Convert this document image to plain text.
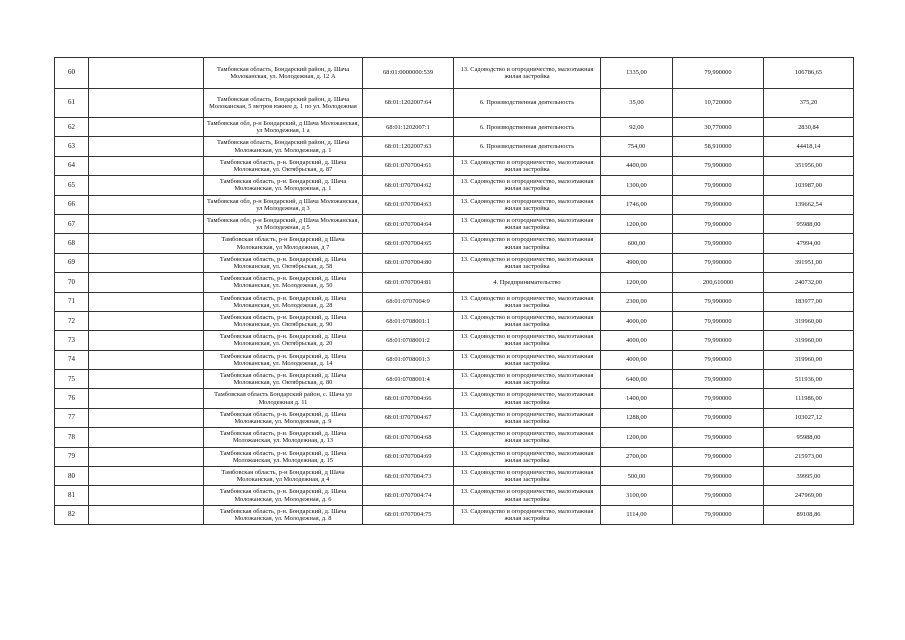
60		Тамбовская область, Бондарский район, д. Шача Молоканская, ул. Молодежная, д. 12 А	68:01:0000000:539	13. Садоводство и огородничество, малоэтажная жилая застройка	1335,00	79,990000	106786,65
61		Тамбовская область, Бондарский район, д. Шача Молоканская, 5 метров южнее д. 1 по ул. Молодежная	68:01:1202007:64	6. Производственная деятельность	35,00	10,720000	375,20
62		Тамбовская обл, р-н Бондарский, д Шача Моложанская, ул Молодежная, 1 а	68:01:1202007:1	6. Производственная деятельность	92,00	30,770000	2830,84
63		Тамбовская область, Бондарский район, д. Шача Моложанская, ул. Молодежная, д. 1	68:01:1202007:63	6. Производственная деятельность	754,00	58,910000	44418,14
64		Тамбовская область, р-н. Бондарский, д. Шача Молоканская, ул. Октябрьская, д. 87	68:01:0707004:61	13. Садоводство и огородничество, малоэтажная жилая застройка	4400,00	79,990000	351956,00
65		Тамбовская область, р-н. Бондарский, д. Шача Моложанская, ул. Молодежная, д. 1	68:01:0707004:62	13. Садоводство и огородничество, малоэтажная жилая застройка	1300,00	79,990000	103987,00
66		Тамбовская обл, р-н Бондарский, д Шача Моложанская, ул Молодежная, д 3	68:01:0707004:63	13. Садоводство и огородничество, малоэтажная жилая застройка	1746,00	79,990000	139662,54
67		Тамбовская обл, р-н Бондарский, д Шача Моложанская, ул Молодежная, д 5	68:01:0707004:64	13. Садоводство и огородничество, малоэтажная жилая застройка	1200,00	79,990000	95988,00
68		Тамбовская область, р-н Бондарский, д Шача Молоканская, ул Молодежная, д 7	68:01:0707004:65	13. Садоводство и огородничество, малоэтажная жилая застройка	600,00	79,990000	47994,00
69		Тамбовская область, р-н. Бондарский, д. Шача Молоканская, ул. Октябрьская, д. 58	68:01:0707004:80	13. Садоводство и огородничество, малоэтажная жилая застройка	4900,00	79,990000	391951,00
70		Тамбовская область, р-н. Бондарский, д. Шача Молоканская, ул. Молодежная, д. 50	68:01:0707004:81	4. Предпринимательство	1200,00	200,610000	240732,00
71		Тамбовская область, р-н. Бондарский, д. Шача Молоканская, ул. Молодежная, д. 28	68:01:0707004:9	13. Садоводство и огородничество, малоэтажная жилая застройка	2300,00	79,990000	183977,00
72		Тамбовская область, р-н. Бондарский, д. Шача Молоканская, ул. Октябрьская, д. 90	68:01:0708001:1	13. Садоводство и огородничество, малоэтажная жилая застройка	4000,00	79,990000	319960,00
73		Тамбовская область, р-н. Бондарский, д. Шача Молоканская, ул. Октябрьская, д. 20	68:01:0708001:2	13. Садоводство и огородничество, малоэтажная жилая застройка	4000,00	79,990000	319960,00
74		Тамбовская область, р-н. Бондарский, д. Шача Молоканская, ул. Молодежная, д. 14	68:01:0708001:3	13. Садоводство и огородничество, малоэтажная жилая застройка	4000,00	79,990000	319960,00
75		Тамбовская область, р-н. Бондарский, д. Шача Молоканская, ул. Октябрьская, д. 80	68:01:0708001:4	13. Садоводство и огородничество, малоэтажная жилая застройка	6400,00	79,990000	511936,00
76		Тамбовская область Бондарский район, с. Шача ул Молодежная д. 11	68:01:0707004:66	13. Садоводство и огородничество, малоэтажная жилая застройка	1400,00	79,990000	111986,00
77		Тамбовская область, р-н. Бондарский, д. Шача Моложанская, ул. Молодежная, д. 9	68:01:0707004:67	13. Садоводство и огородничество, малоэтажная жилая застройка	1288,00	79,990000	103027,12
78		Тамбовская область, р-н. Бондарский, д. Шача Моложанская, ул. Молодежная, д. 13	68:01:0707004:68	13. Садоводство и огородничество, малоэтажная жилая застройка	1200,00	79,990000	95988,00
79		Тамбовская область, р-н. Бондарский, д. Шача Моложанская, ул. Молодежная, д. 15	68:01:0707004:69	13. Садоводство и огородничество, малоэтажная жилая застройка	2700,00	79,990000	215973,00
80		Тамбовская область, р-н Бондарский, д Шача Молоканская, ул Молодежная, д 4	68:01:0707004:73	13. Садоводство и огородничество, малоэтажная жилая застройка	500,00	79,990000	39995,00
81		Тамбовская область, р-н. Бондарский, д. Шача Моложанская, ул. Молодежная, д. 6	68:01:0707004:74	13. Садоводство и огородничество, малоэтажная жилая застройка	3100,00	79,990000	247969,00
82		Тамбовская область, р-н. Бондарский, д. Шача Моложанская, ул. Молодежная, д. 8	68:01:0707004:75	13. Садоводство и огородничество, малоэтажная жилая застройка	1114,00	79,990000	89108,86
